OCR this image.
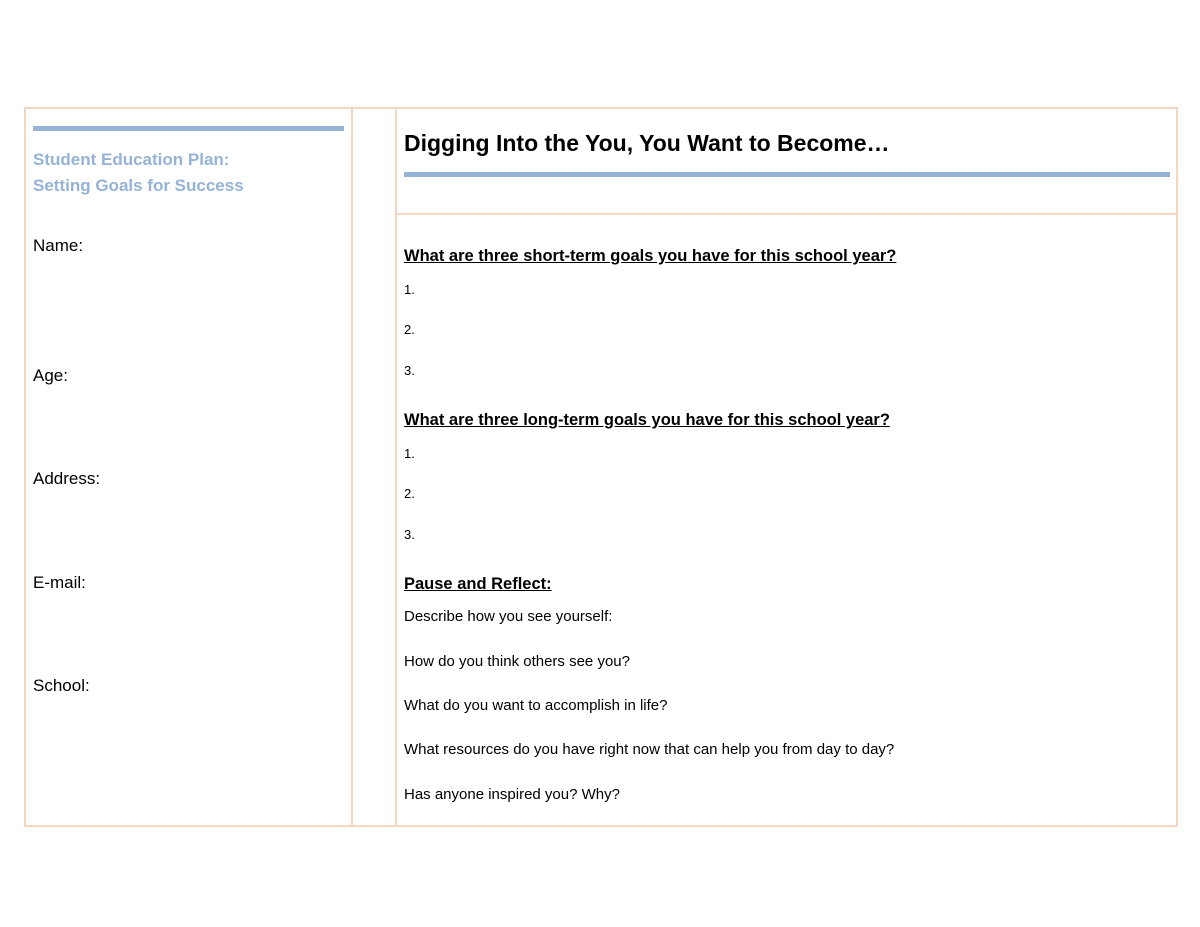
Student Education Plan:
Setting Goals for Success
Name:
Age:
Address:
E-mail:
School:
Digging Into the You, You Want to Become…
What are three short-term goals you have for this school year?
1.
2.
3.
What are three long-term goals you have for this school year?
1.
2.
3.
Pause and Reflect:
Describe how you see yourself:
How do you think others see you?
What do you want to accomplish in life?
What resources do you have right now that can help you from day to day?
Has anyone inspired you? Why?
